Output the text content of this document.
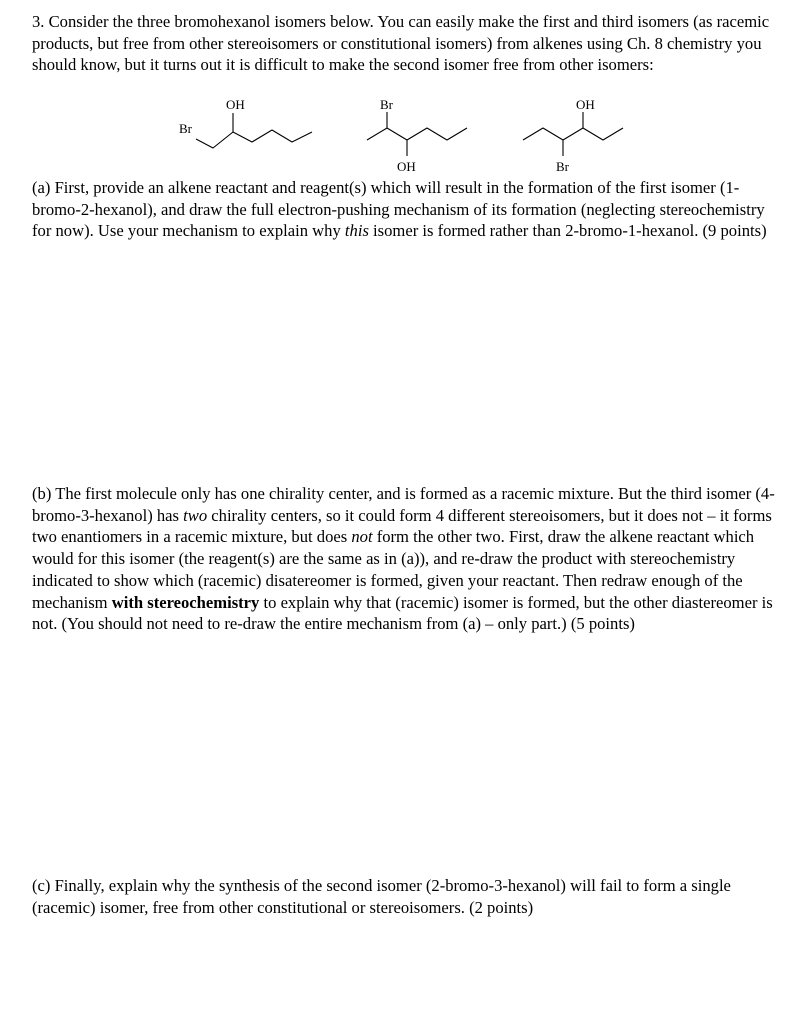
3. Consider the three bromohexanol isomers below. You can easily make the first and third isomers (as racemic products, but free from other stereoisomers or constitutional isomers) from alkenes using Ch. 8 chemistry you should know, but it turns out it is difficult to make the second isomer free from other isomers:

OH
Br
Br
OH
OH
Br

(a) First, provide an alkene reactant and reagent(s) which will result in the formation of the first isomer (1-bromo-2-hexanol), and draw the full electron-pushing mechanism of its formation (neglecting stereochemistry for now). Use your mechanism to explain why this isomer is formed rather than 2-bromo-1-hexanol. (9 points)

(b) The first molecule only has one chirality center, and is formed as a racemic mixture. But the third isomer (4-bromo-3-hexanol) has two chirality centers, so it could form 4 different stereoisomers, but it does not – it forms two enantiomers in a racemic mixture, but does not form the other two. First, draw the alkene reactant which would for this isomer (the reagent(s) are the same as in (a)), and re-draw the product with stereochemistry indicated to show which (racemic) disatereomer is formed, given your reactant. Then redraw enough of the mechanism with stereochemistry to explain why that (racemic) isomer is formed, but the other diastereomer is not. (You should not need to re-draw the entire mechanism from (a) – only part.) (5 points)

(c) Finally, explain why the synthesis of the second isomer (2-bromo-3-hexanol) will fail to form a single (racemic) isomer, free from other constitutional or stereoisomers. (2 points)
